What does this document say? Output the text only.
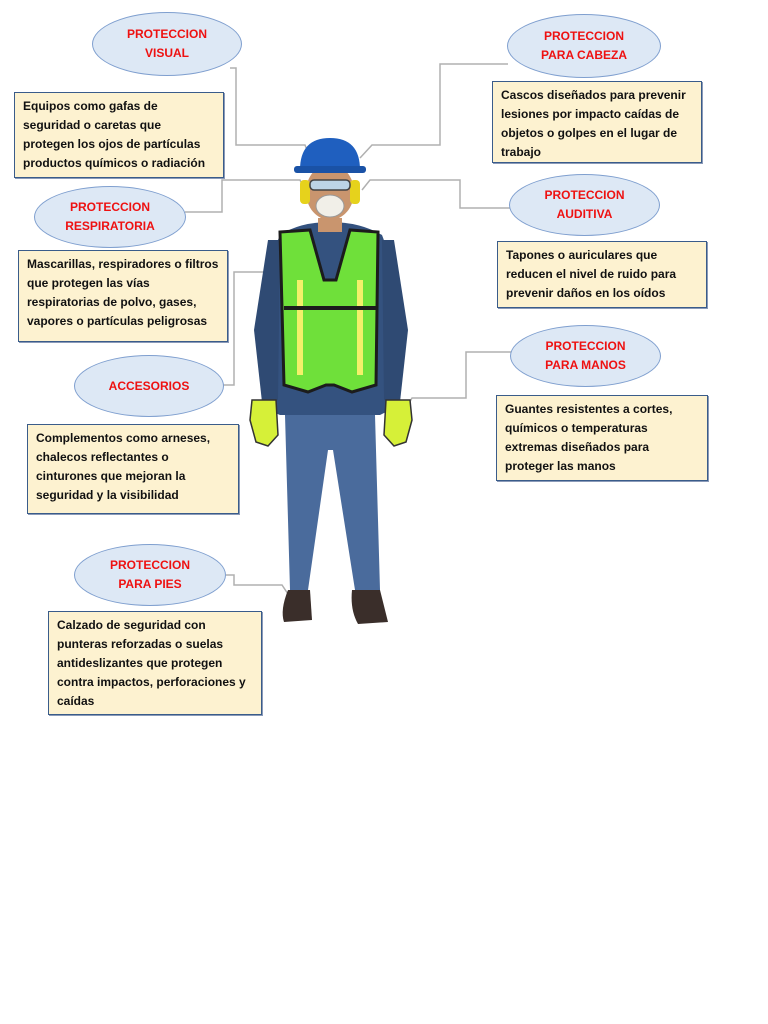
PROTECCION
VISUAL
PROTECCION
PARA CABEZA
PROTECCION
RESPIRATORIA
PROTECCION
AUDITIVA
ACCESORIOS
PROTECCION
PARA MANOS
PROTECCION
PARA PIES
Equipos como gafas de seguridad o caretas que protegen los ojos de partículas productos químicos o radiación
Cascos diseñados para prevenir lesiones por impacto caídas de objetos o golpes en el lugar de trabajo
Mascarillas, respiradores o filtros que protegen las vías respiratorias de polvo, gases, vapores o partículas peligrosas
Tapones o auriculares que reducen el nivel de ruido para prevenir daños en los oídos
Complementos como arneses, chalecos reflectantes o cinturones que mejoran la seguridad y la visibilidad
Guantes resistentes a cortes, químicos o temperaturas extremas diseñados para proteger las manos
Calzado de seguridad con punteras reforzadas o suelas antideslizantes que protegen contra impactos, perforaciones y caídas
